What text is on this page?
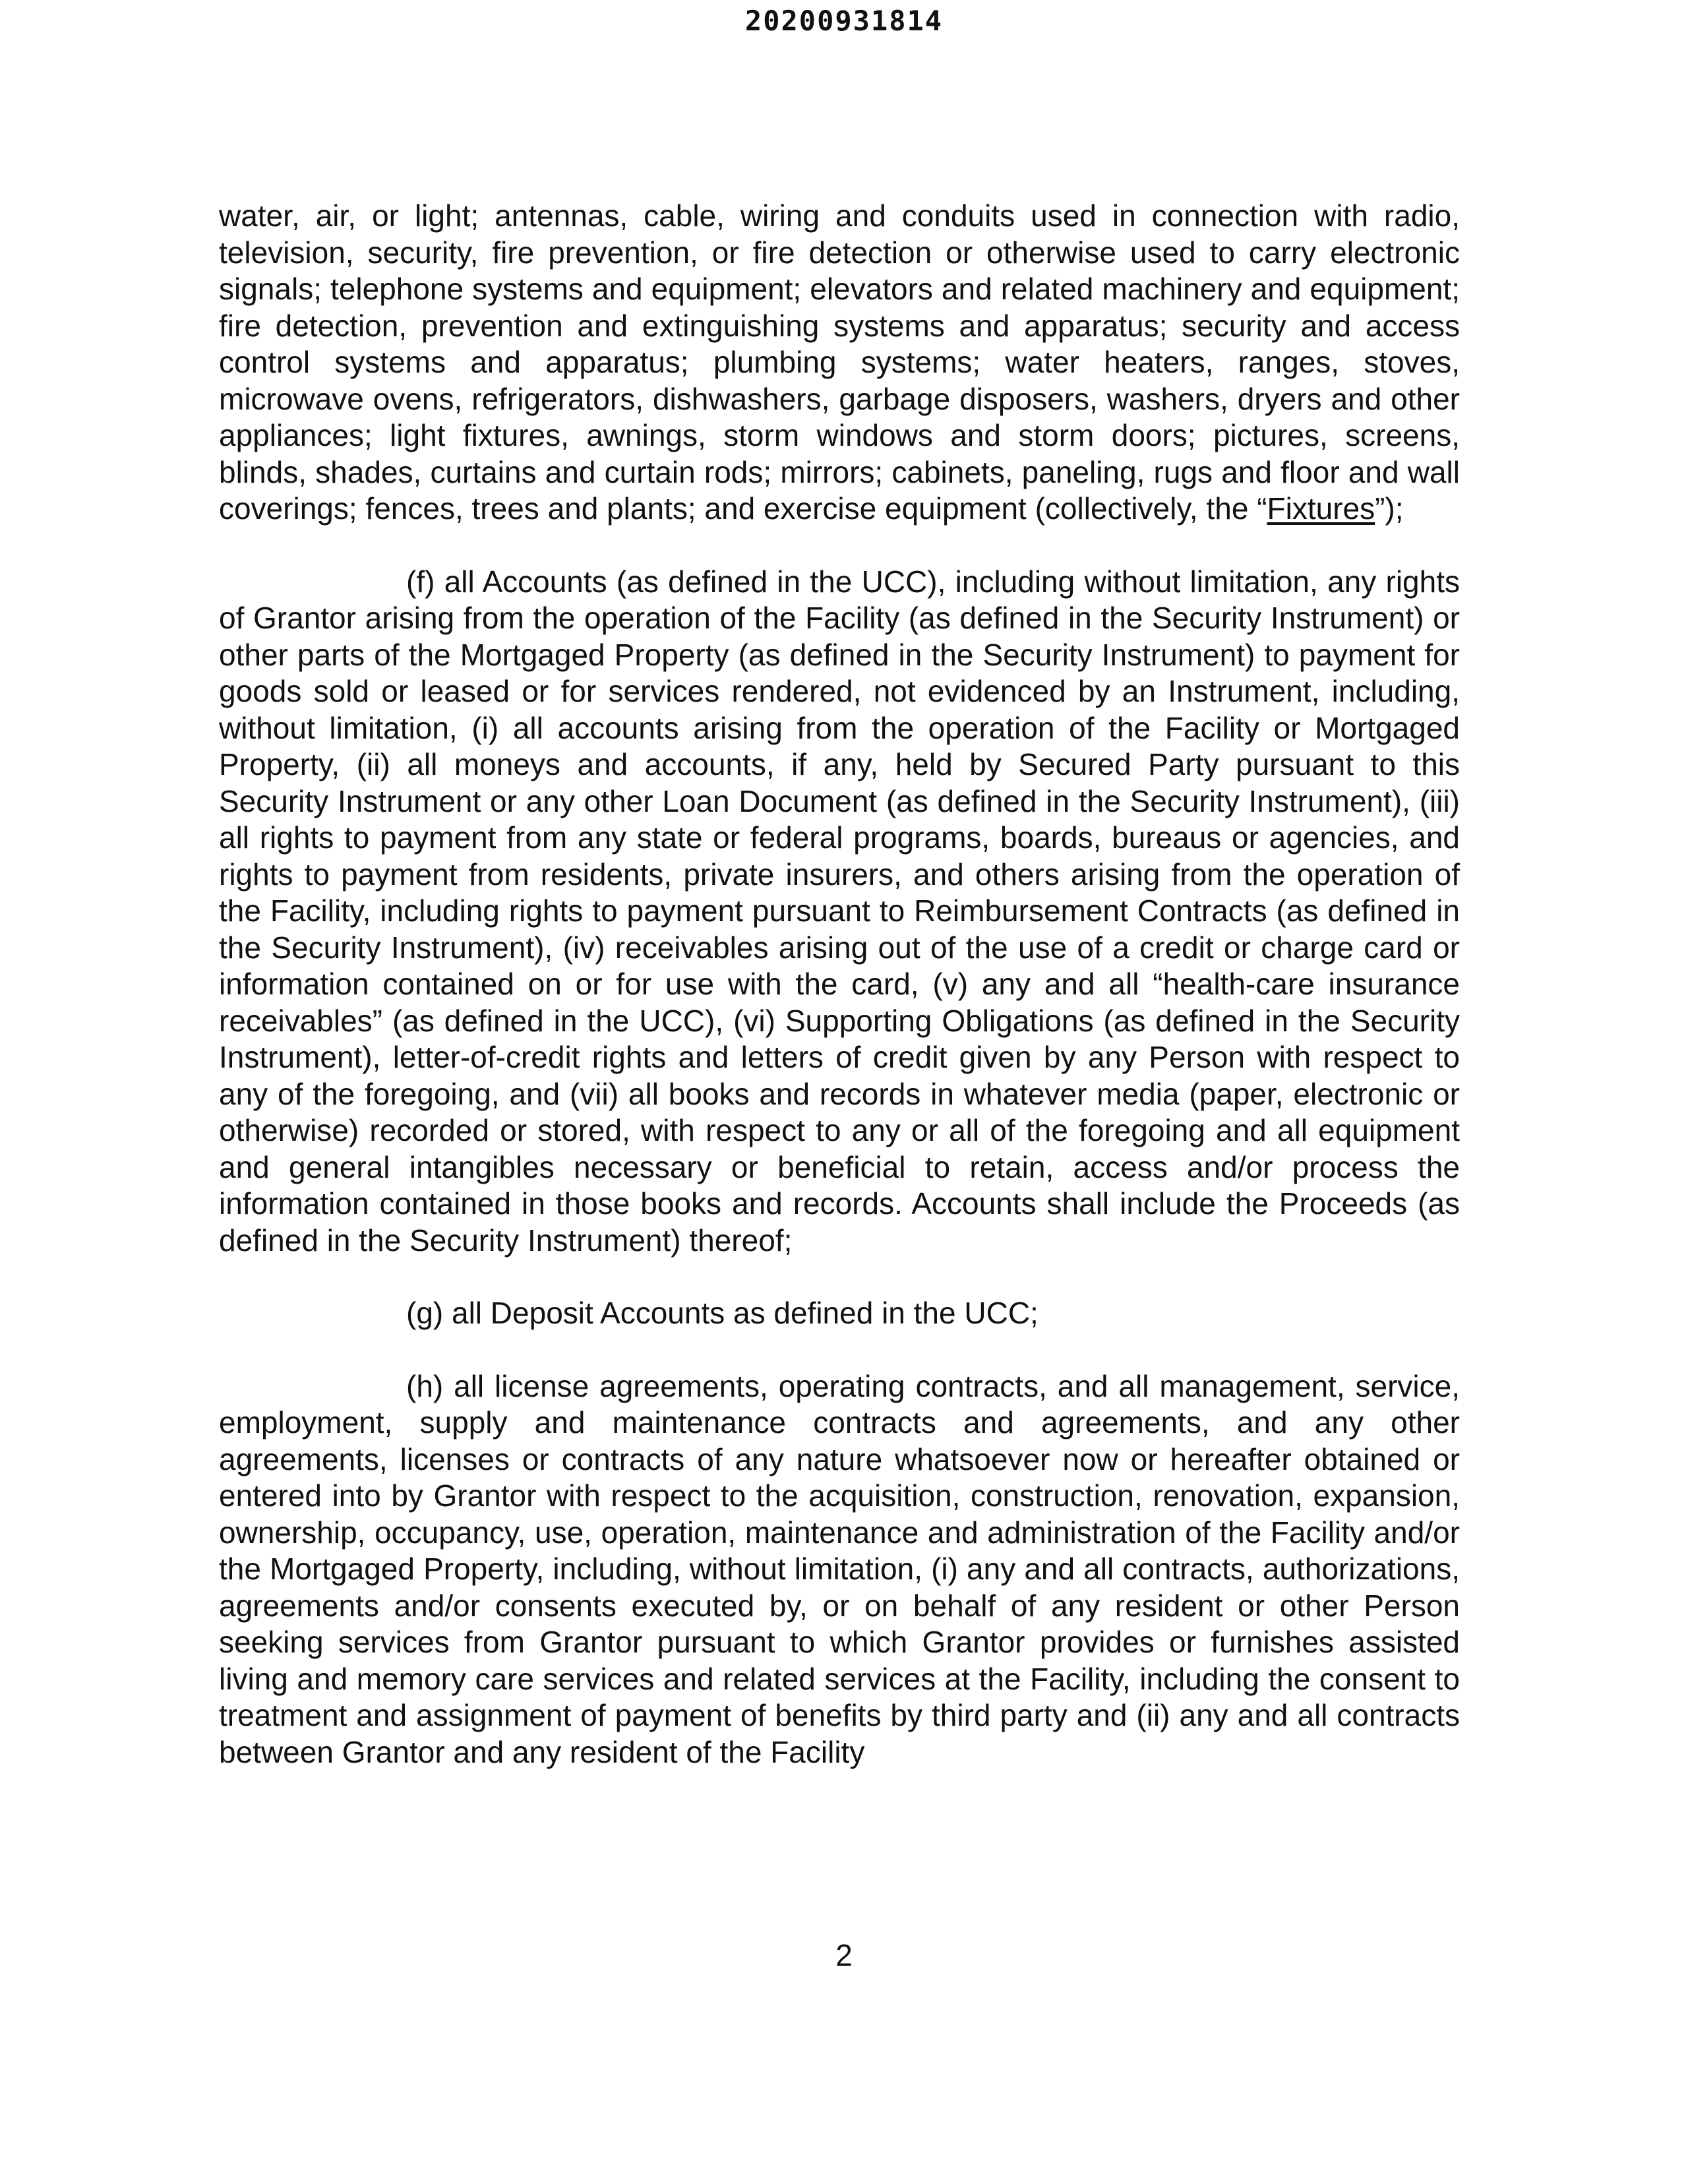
20200931814

water, air, or light; antennas, cable, wiring and conduits used in connection with radio, television, security, fire prevention, or fire detection or otherwise used to carry electronic signals; telephone systems and equipment; elevators and related machinery and equipment; fire detection, prevention and extinguishing systems and apparatus; security and access control systems and apparatus; plumbing systems; water heaters, ranges, stoves, microwave ovens, refrigerators, dishwashers, garbage disposers, washers, dryers and other appliances; light fixtures, awnings, storm windows and storm doors; pictures, screens, blinds, shades, curtains and curtain rods; mirrors; cabinets, paneling, rugs and floor and wall coverings; fences, trees and plants; and exercise equipment (collectively, the “Fixtures”);

(f) all Accounts (as defined in the UCC), including without limitation, any rights of Grantor arising from the operation of the Facility (as defined in the Security Instrument) or other parts of the Mortgaged Property (as defined in the Security Instrument) to payment for goods sold or leased or for services rendered, not evidenced by an Instrument, including, without limitation, (i) all accounts arising from the operation of the Facility or Mortgaged Property, (ii) all moneys and accounts, if any, held by Secured Party pursuant to this Security Instrument or any other Loan Document (as defined in the Security Instrument), (iii) all rights to payment from any state or federal programs, boards, bureaus or agencies, and rights to payment from residents, private insurers, and others arising from the operation of the Facility, including rights to payment pursuant to Reimbursement Contracts (as defined in the Security Instrument), (iv) receivables arising out of the use of a credit or charge card or information contained on or for use with the card, (v) any and all “health-care insurance receivables” (as defined in the UCC), (vi) Supporting Obligations (as defined in the Security Instrument), letter-of-credit rights and letters of credit given by any Person with respect to any of the foregoing, and (vii) all books and records in whatever media (paper, electronic or otherwise) recorded or stored, with respect to any or all of the foregoing and all equipment and general intangibles necessary or beneficial to retain, access and/or process the information contained in those books and records. Accounts shall include the Proceeds (as defined in the Security Instrument) thereof;

(g) all Deposit Accounts as defined in the UCC;

(h) all license agreements, operating contracts, and all management, service, employment, supply and maintenance contracts and agreements, and any other agreements, licenses or contracts of any nature whatsoever now or hereafter obtained or entered into by Grantor with respect to the acquisition, construction, renovation, expansion, ownership, occupancy, use, operation, maintenance and administration of the Facility and/or the Mortgaged Property, including, without limitation, (i) any and all contracts, authorizations, agreements and/or consents executed by, or on behalf of any resident or other Person seeking services from Grantor pursuant to which Grantor provides or furnishes assisted living and memory care services and related services at the Facility, including the consent to treatment and assignment of payment of benefits by third party and (ii) any and all contracts between Grantor and any resident of the Facility

2
